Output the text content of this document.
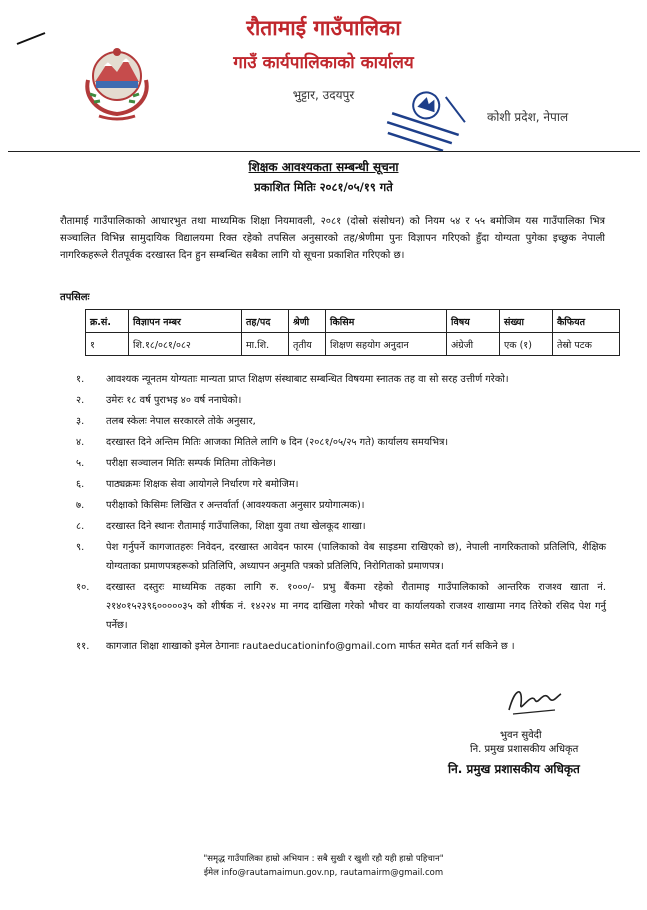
रौतामाई गाउँपालिका
गाउँ कार्यपालिकाको कार्यालय
भुट्टार, उदयपुर
कोशी प्रदेश, नेपाल
शिक्षक आवश्यकता सम्बन्धी सूचना
प्रकाशित मितिः २०८१/०५/१९ गते
रौतामाई गाउँपालिकाको आधारभुत तथा माध्यमिक शिक्षा नियमावली, २०८१ (दोस्रो संसोधन) को नियम ५४ र ५५ बमोजिम यस गाउँपालिका भित्र सञ्चालित विभिन्न सामुदायिक विद्यालयमा रिक्त रहेको तपसिल अनुसारको तह/श्रेणीमा पुनः विज्ञापन गरिएको हुँदा योग्यता पुगेका इच्छुक नेपाली नागरिकहरूले रीतपूर्वक दरखास्त दिन हुन सम्बन्धित सबैका लागि यो सूचना प्रकाशित गरिएको छ।
तपसिलः
क्र.सं.	विज्ञापन नम्बर	तह/पद	श्रेणी	किसिम	विषय	संख्या	कैफियत
१	शि.१८/०८१/०८२	मा.शि.	तृतीय	शिक्षण सहयोग अनुदान	अंग्रेजी	एक (१)	तेस्रो पटक
१. आवश्यक न्यूनतम योग्यताः मान्यता प्राप्त शिक्षण संस्थाबाट सम्बन्धित विषयमा स्नातक तह वा सो सरह उत्तीर्ण गरेको।
२. उमेरः १८ वर्ष पुराभइ ४० वर्ष ननाघेको।
३. तलब स्केलः नेपाल सरकारले तोके अनुसार,
४. दरखास्त दिने अन्तिम मितिः आजका मितिले लागि ७ दिन (२०८१/०५/२५ गते) कार्यालय समयभित्र।
५. परीक्षा सञ्चालन मितिः सम्पर्क मितिमा तोकिनेछ।
६. पाठ्यक्रमः शिक्षक सेवा आयोगले निर्धारण गरे बमोजिम।
७. परीक्षाको किसिमः लिखित र अन्तर्वार्ता (आवश्यकता अनुसार प्रयोगात्मक)।
८. दरखास्त दिने स्थानः रौतामाई गाउँपालिका, शिक्षा युवा तथा खेलकूद शाखा।
९. पेश गर्नुपर्ने कागजातहरुः निवेदन, दरखास्त आवेदन फारम (पालिकाको वेब साइडमा राखिएको छ), नेपाली नागरिकताको प्रतिलिपि, शैक्षिक योग्यताका प्रमाणपत्रहरूको प्रतिलिपि, अध्यापन अनुमति पत्रको प्रतिलिपि, निरोगिताको प्रमाणपत्र।
१०. दरखास्त दस्तुरः माध्यमिक तहका लागि रु. १०००/- प्रभु बैंकमा रहेको रौतामाइ गाउँपालिकाको आन्तरिक राजश्व खाता नं. २१४०१५२३९६०००००३५ को शीर्षक नं. १४२२४ मा नगद दाखिला गरेको भौचर वा कार्यालयको राजश्व शाखामा नगद तिरेको रसिद पेश गर्नु पर्नेछ।
११. कागजात शिक्षा शाखाको इमेल ठेगानाः rautaeducationinfo@gmail.com मार्फत समेत दर्ता गर्न सकिने छ ।
भुवन सुवेदी
नि. प्रमुख प्रशासकीय अधिकृत
नि. प्रमुख प्रशासकीय अधिकृत
"समृद्ध गाउँपालिका हाम्रो अभियान : सबै सुखी र खुशी रहौ यही हाम्रो पहिचान"
ईमेल info@rautamaimun.gov.np, rautamairm@gmail.com
